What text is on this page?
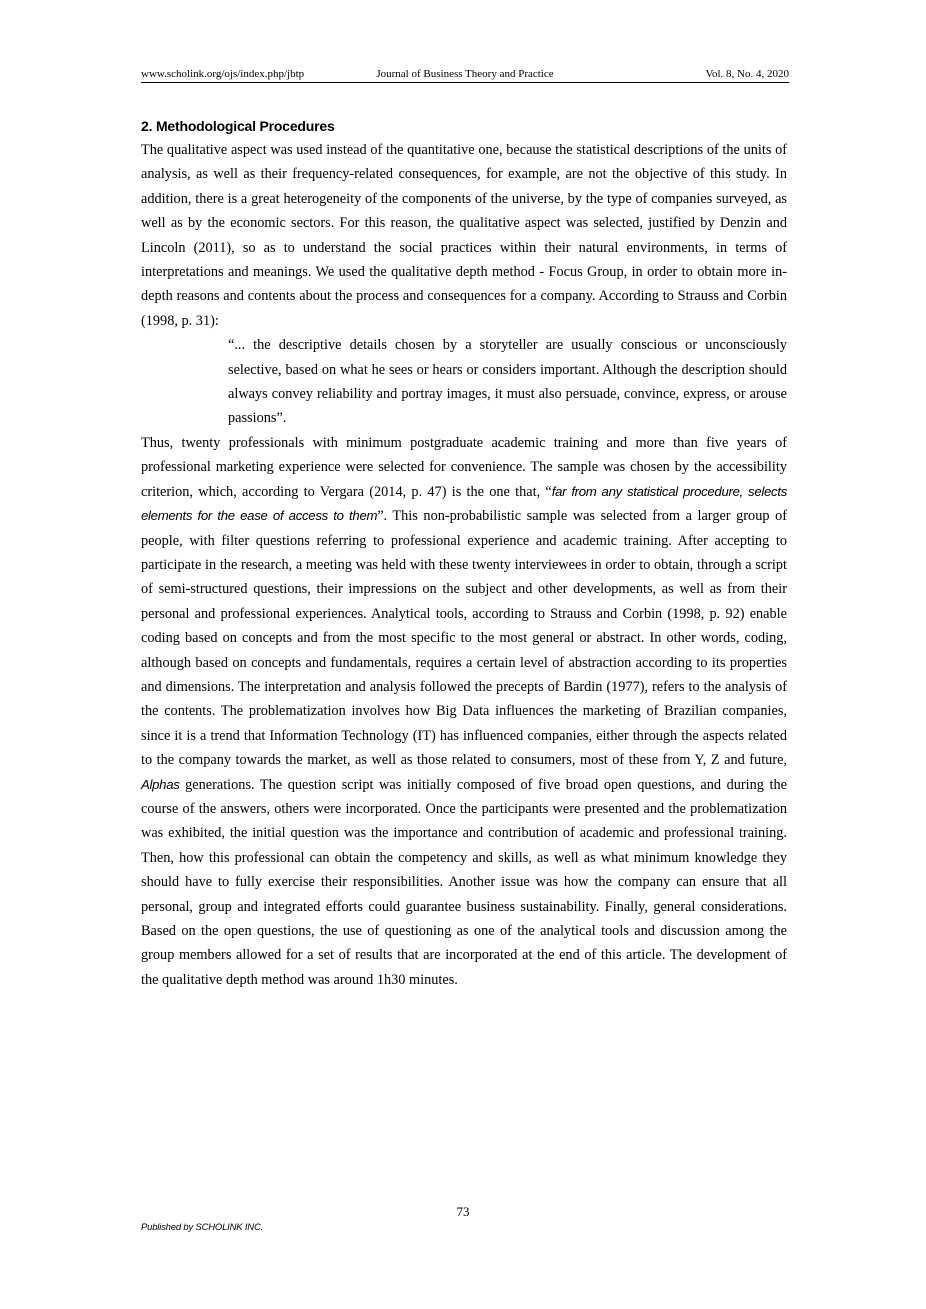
www.scholink.org/ojs/index.php/jbtp	Journal of Business Theory and Practice	Vol. 8, No. 4, 2020
2. Methodological Procedures

The qualitative aspect was used instead of the quantitative one, because the statistical descriptions of the units of analysis, as well as their frequency-related consequences, for example, are not the objective of this study. In addition, there is a great heterogeneity of the components of the universe, by the type of companies surveyed, as well as by the economic sectors. For this reason, the qualitative aspect was selected, justified by Denzin and Lincoln (2011), so as to understand the social practices within their natural environments, in terms of interpretations and meanings. We used the qualitative depth method - Focus Group, in order to obtain more in-depth reasons and contents about the process and consequences for a company. According to Strauss and Corbin (1998, p. 31):

“... the descriptive details chosen by a storyteller are usually conscious or unconsciously selective, based on what he sees or hears or considers important. Although the description should always convey reliability and portray images, it must also persuade, convince, express, or arouse passions”.

Thus, twenty professionals with minimum postgraduate academic training and more than five years of professional marketing experience were selected for convenience. The sample was chosen by the accessibility criterion, which, according to Vergara (2014, p. 47) is the one that, “far from any statistical procedure, selects elements for the ease of access to them”. This non-probabilistic sample was selected from a larger group of people, with filter questions referring to professional experience and academic training. After accepting to participate in the research, a meeting was held with these twenty interviewees in order to obtain, through a script of semi-structured questions, their impressions on the subject and other developments, as well as from their personal and professional experiences. Analytical tools, according to Strauss and Corbin (1998, p. 92) enable coding based on concepts and from the most specific to the most general or abstract. In other words, coding, although based on concepts and fundamentals, requires a certain level of abstraction according to its properties and dimensions. The interpretation and analysis followed the precepts of Bardin (1977), refers to the analysis of the contents. The problematization involves how Big Data influences the marketing of Brazilian companies, since it is a trend that Information Technology (IT) has influenced companies, either through the aspects related to the company towards the market, as well as those related to consumers, most of these from Y, Z and future, Alphas generations. The question script was initially composed of five broad open questions, and during the course of the answers, others were incorporated. Once the participants were presented and the problematization was exhibited, the initial question was the importance and contribution of academic and professional training. Then, how this professional can obtain the competency and skills, as well as what minimum knowledge they should have to fully exercise their responsibilities. Another issue was how the company can ensure that all personal, group and integrated efforts could guarantee business sustainability. Finally, general considerations. Based on the open questions, the use of questioning as one of the analytical tools and discussion among the group members allowed for a set of results that are incorporated at the end of this article. The development of the qualitative depth method was around 1h30 minutes.

73
Published by SCHOLINK INC.
